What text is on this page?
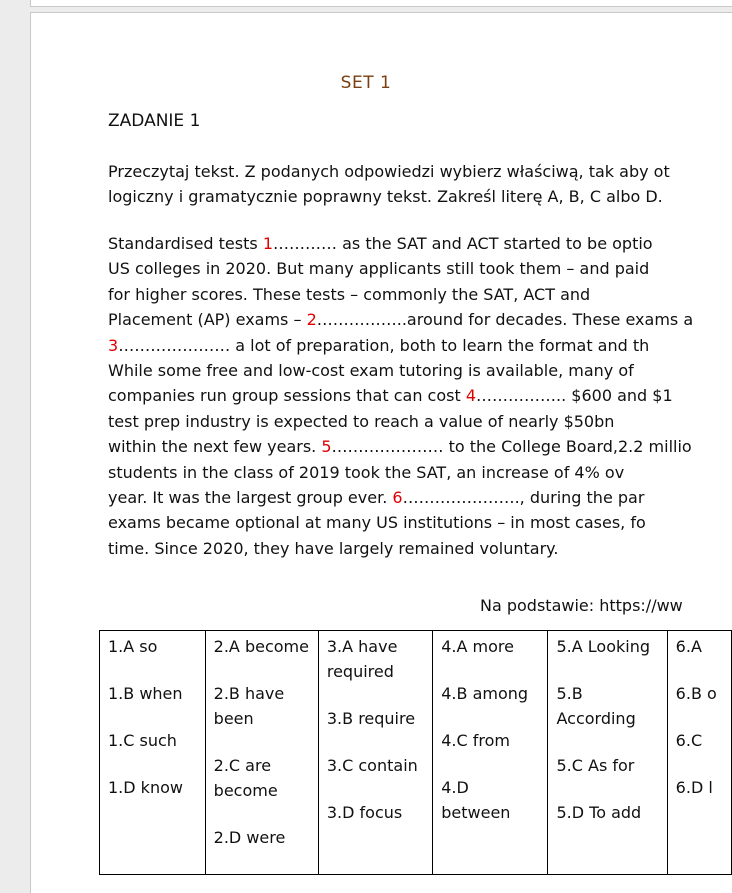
SET 1
ZADANIE 1

Przeczytaj tekst. Z podanych odpowiedzi wybierz właściwą, tak aby ot
logiczny i gramatycznie poprawny tekst. Zakreśl literę A, B, C albo D.

Standardised tests 1………… as the SAT and ACT started to be optio
US colleges in 2020. But many applicants still took them – and paid
for higher scores. These tests – commonly the SAT, ACT and
Placement (AP) exams – 2……………..around for decades. These exams a
3………………… a lot of preparation, both to learn the format and th
While some free and low-cost exam tutoring is available, many of
companies run group sessions that can cost 4…………….. $600 and $1
test prep industry is expected to reach a value of nearly $50bn
within the next few years. 5………………… to the College Board,2.2 millio
students in the class of 2019 took the SAT, an increase of 4% ov
year. It was the largest group ever. 6…………………., during the par
exams became optional at many US institutions – in most cases, fo
time. Since 2020, they have largely remained voluntary.

Na podstawie: https://ww
1.A so
1.B when
1.C such
1.D know

2.A become
2.B have been
2.C are become
2.D were

3.A have required
3.B require
3.C contain
3.D focus

4.A more
4.B among
4.C from
4.D between

5.A Looking
5.B According
5.C As for
5.D To add

6.A
6.B o
6.C
6.D l
